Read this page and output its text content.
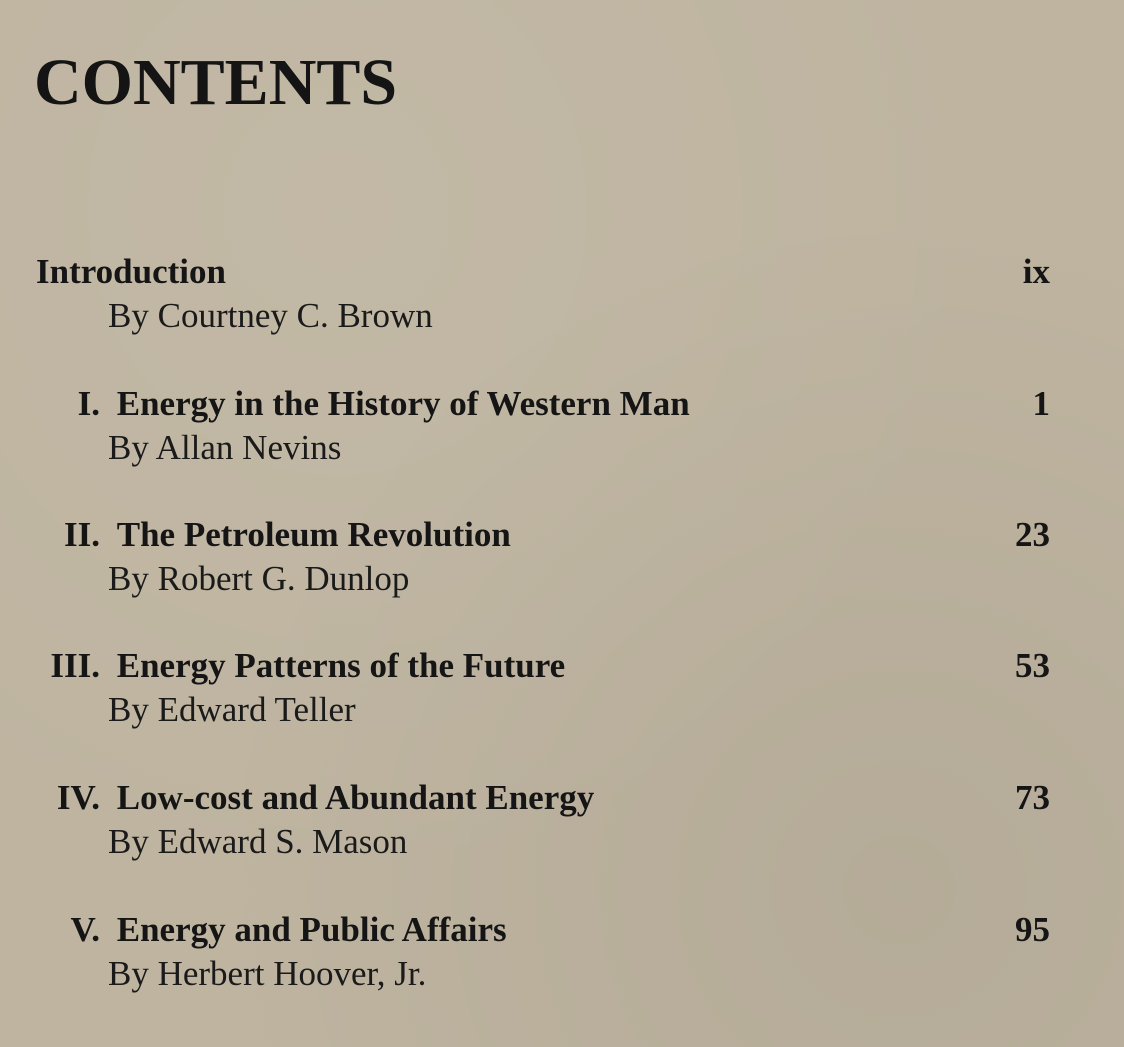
CONTENTS
Introduction	ix
By Courtney C. Brown
I. Energy in the History of Western Man	1
By Allan Nevins
II. The Petroleum Revolution	23
By Robert G. Dunlop
III. Energy Patterns of the Future	53
By Edward Teller
IV. Low-cost and Abundant Energy	73
By Edward S. Mason
V. Energy and Public Affairs	95
By Herbert Hoover, Jr.
